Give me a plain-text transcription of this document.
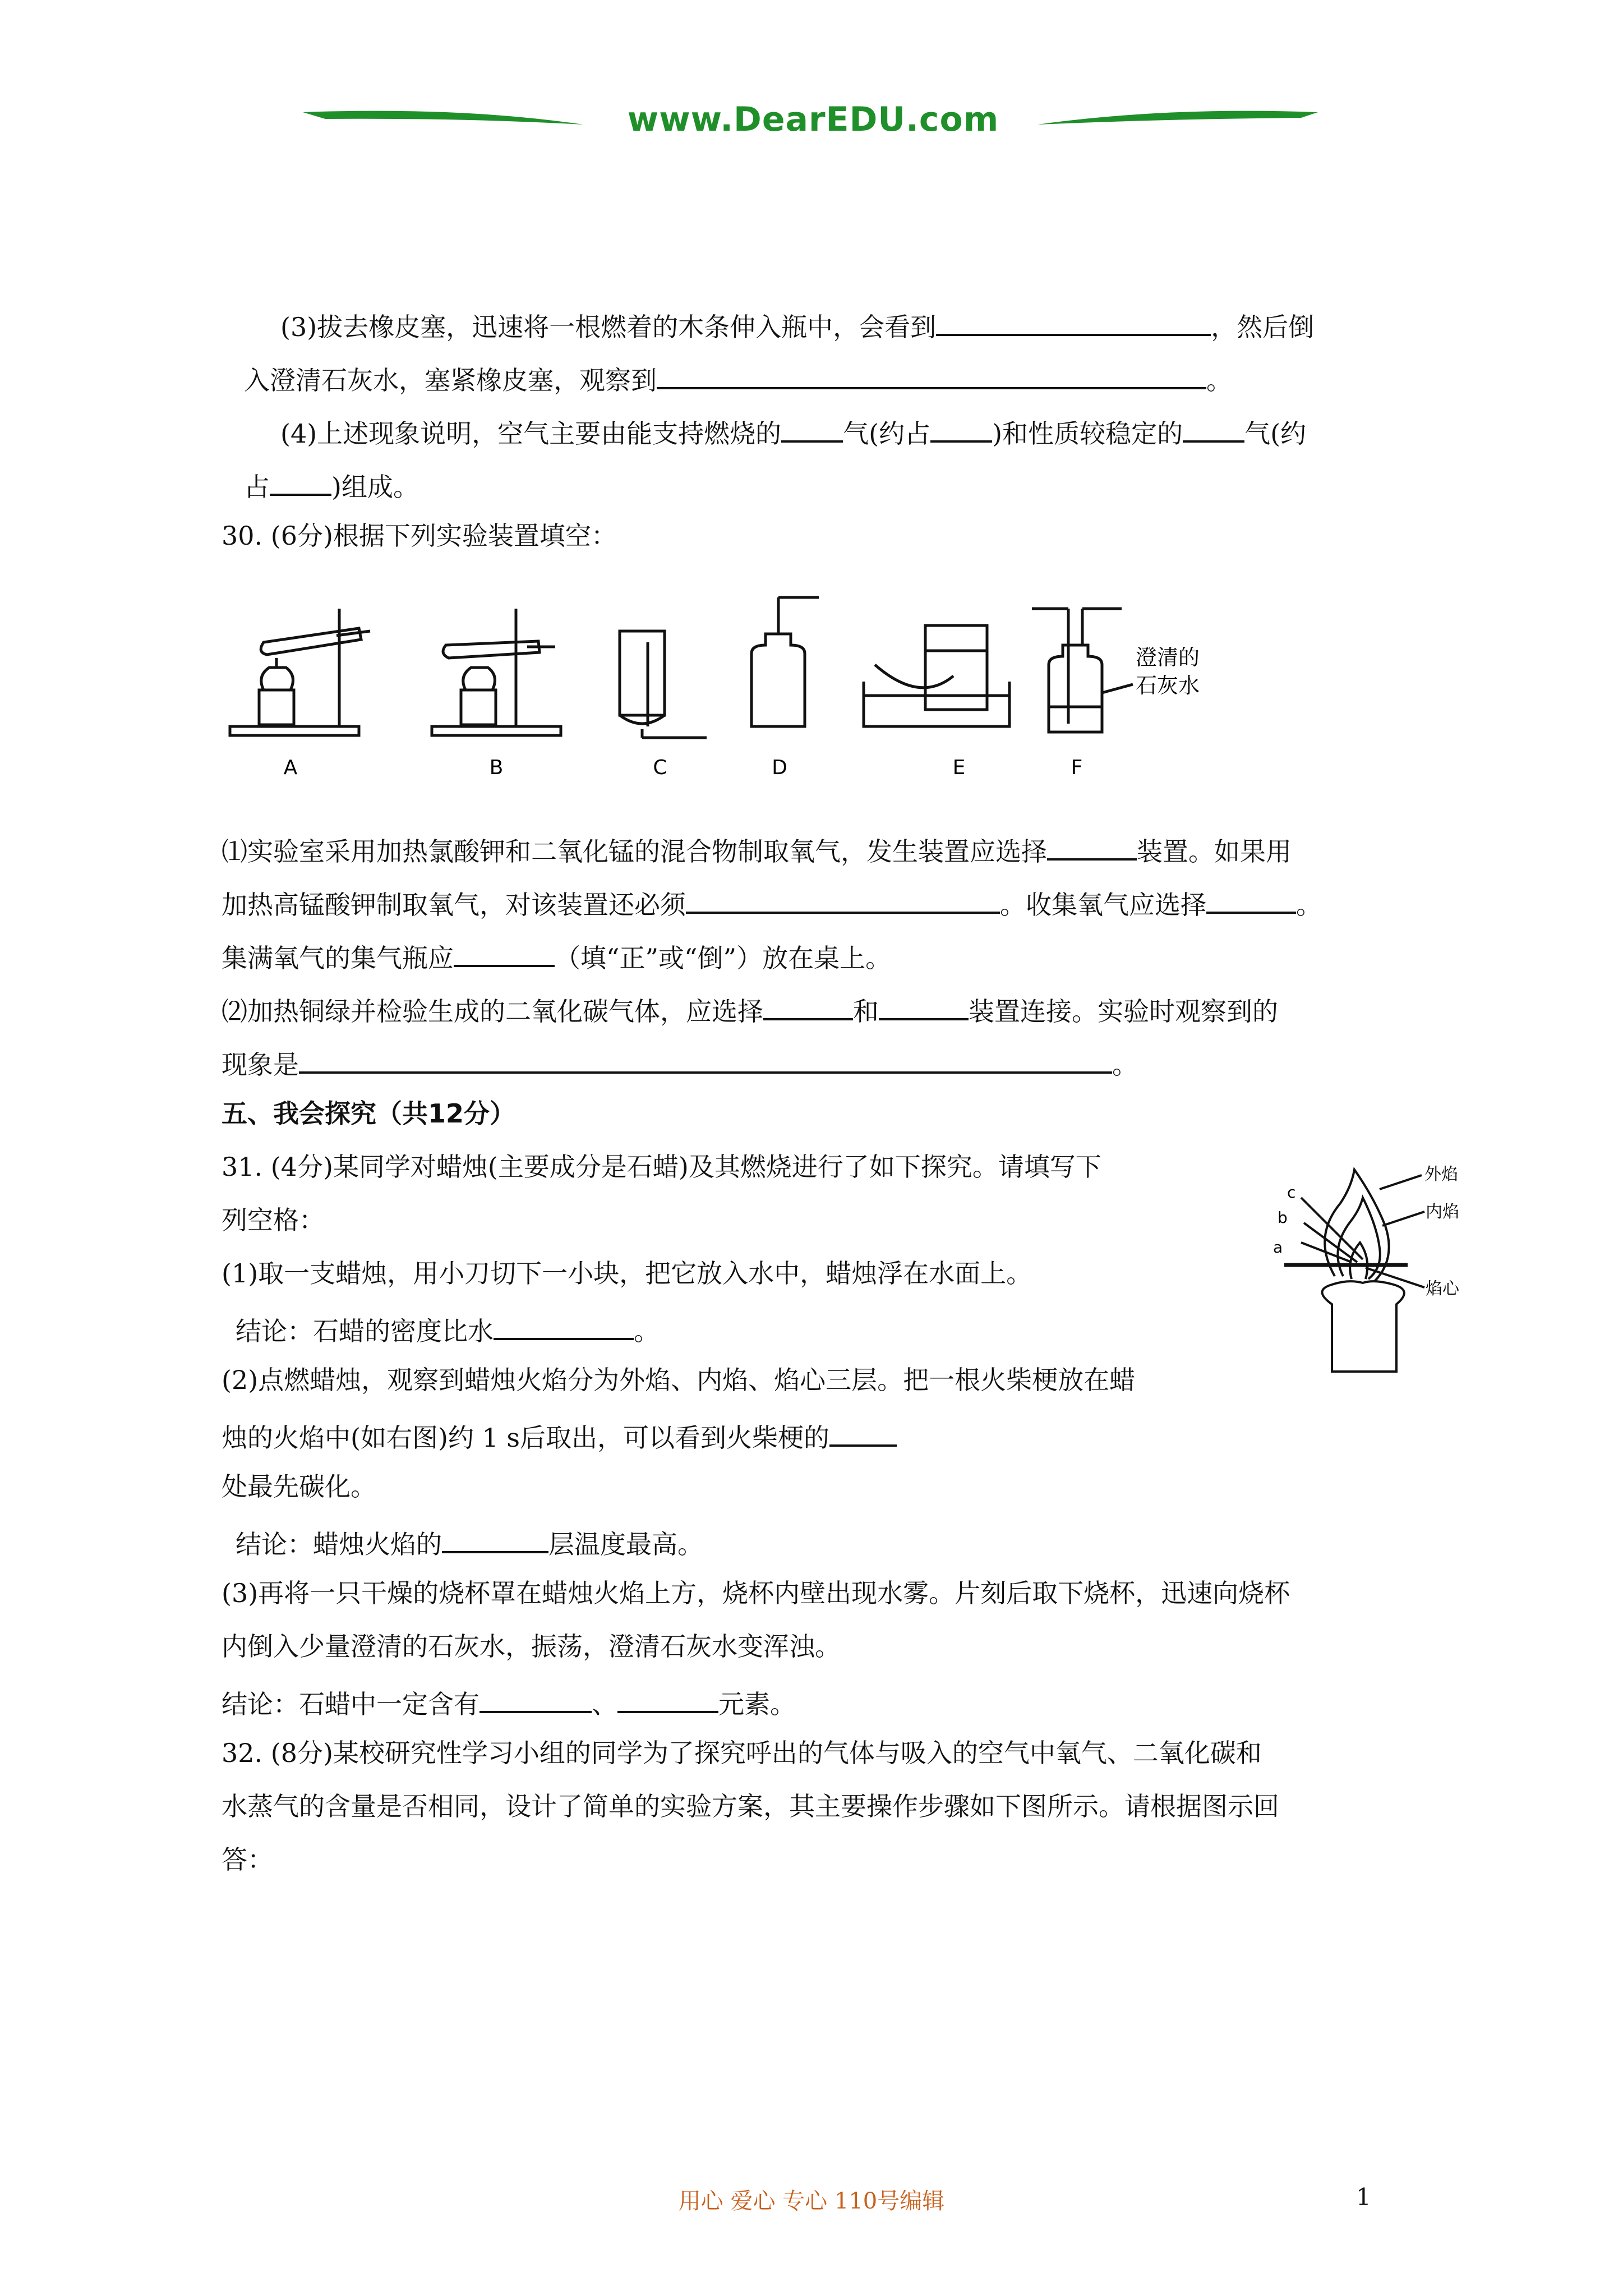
www.DearEDU.com
(3)拔去橡皮塞，迅速将一根燃着的木条伸入瓶中，会看到	，然后倒
入澄清石灰水，塞紧橡皮塞，观察到	。
(4)上述现象说明，空气主要由能支持燃烧的 气(约占 )和性质较稳定的 气(约
占 )组成。
30. (6分)根据下列实验装置填空：
A	B	C	D	E	F
澄清的
石灰水
⑴实验室采用加热氯酸钾和二氧化锰的混合物制取氧气，发生装置应选择	装置。如果用
加热高锰酸钾制取氧气，对该装置还必须	。收集氧气应选择	。
集满氧气的集气瓶应	（填“正”或“倒”）放在桌上。
⑵加热铜绿并检验生成的二氧化碳气体，应选择	和	装置连接。实验时观察到的
现象是	。
五、我会探究（共12分）
31. (4分)某同学对蜡烛(主要成分是石蜡)及其燃烧进行了如下探究。请填写下
列空格：
(1)取一支蜡烛，用小刀切下一小块，把它放入水中，蜡烛浮在水面上。
结论：石蜡的密度比水	。
(2)点燃蜡烛，观察到蜡烛火焰分为外焰、内焰、焰心三层。把一根火柴梗放在蜡
烛的火焰中(如右图)约 1 s后取出，可以看到火柴梗的
处最先碳化。
结论：蜡烛火焰的	层温度最高。
(3)再将一只干燥的烧杯罩在蜡烛火焰上方，烧杯内壁出现水雾。片刻后取下烧杯，迅速向烧杯
内倒入少量澄清的石灰水，振荡，澄清石灰水变浑浊。
结论：石蜡中一定含有	、	元素。
a
b
c
外焰
内焰
焰心
32. (8分)某校研究性学习小组的同学为了探究呼出的气体与吸入的空气中氧气、二氧化碳和
水蒸气的含量是否相同，设计了简单的实验方案，其主要操作步骤如下图所示。请根据图示回
答：
用心 爱心 专心 110号编辑	1
